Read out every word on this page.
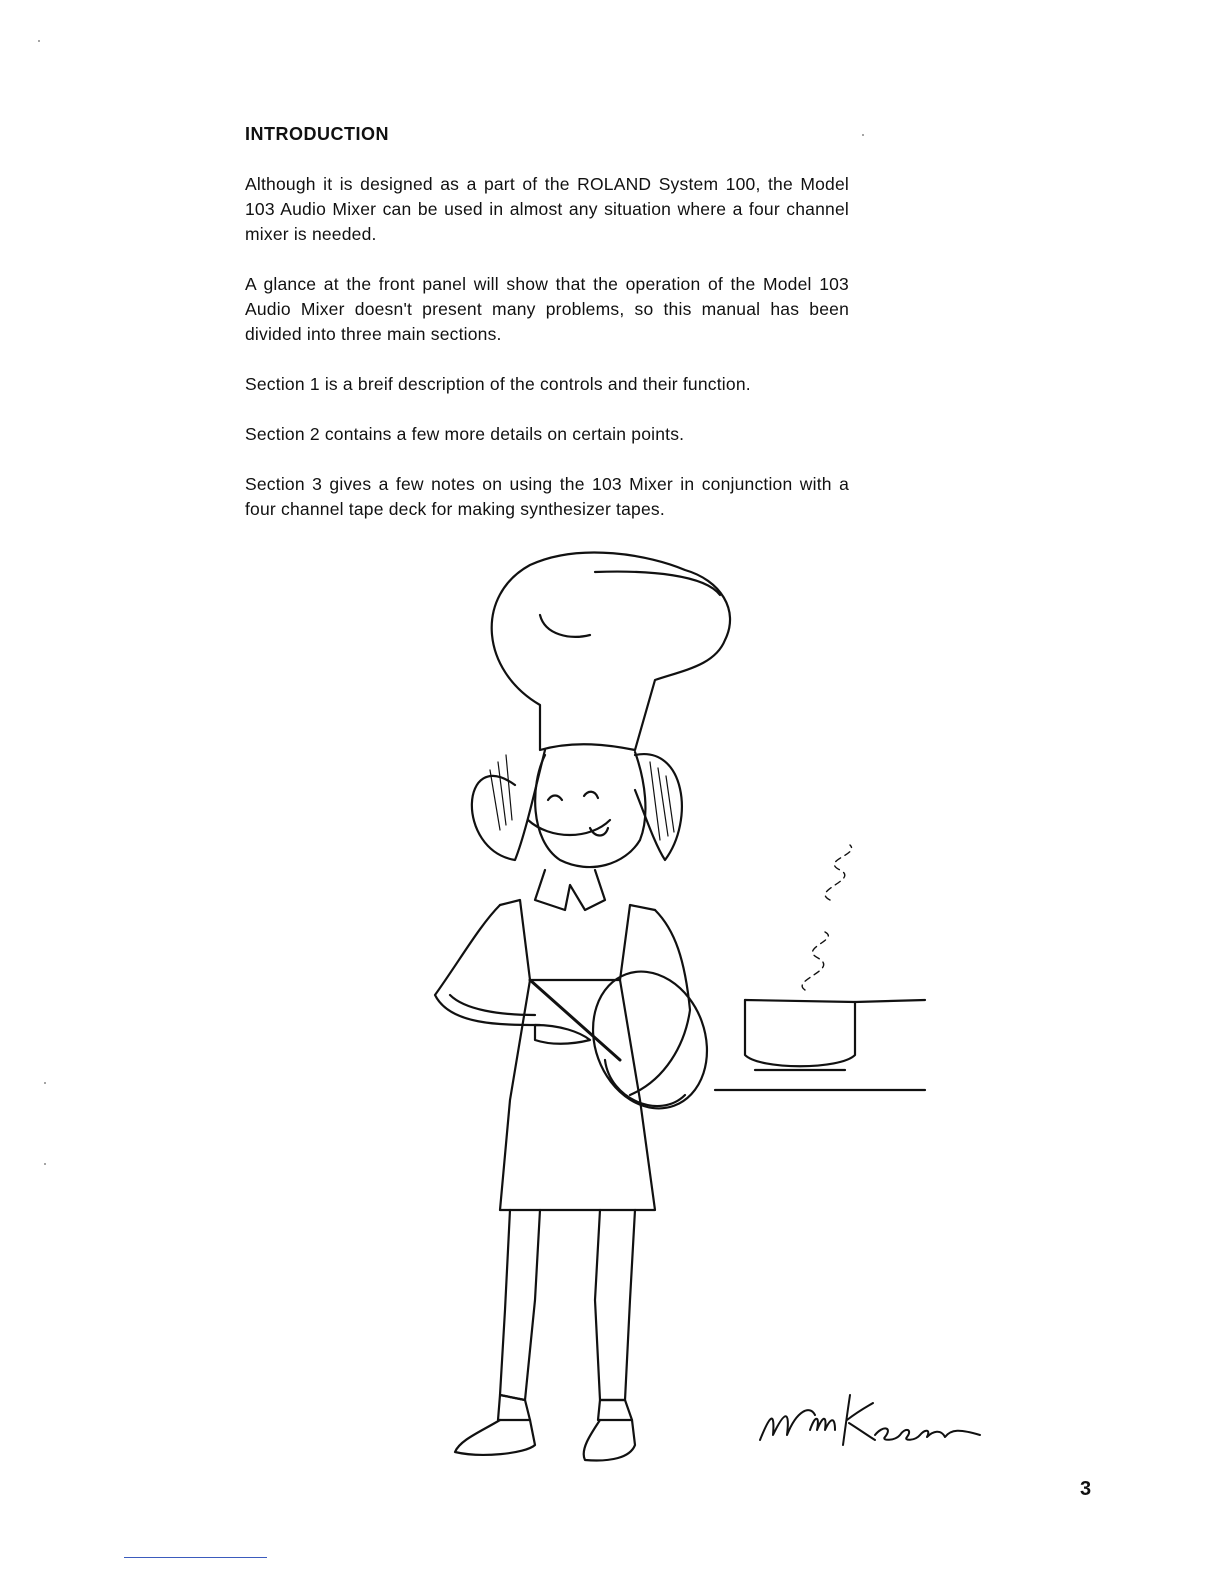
INTRODUCTION

Although it is designed as a part of the ROLAND System 100, the Model 103 Audio Mixer can be used in almost any situation where a four channel mixer is needed.

A glance at the front panel will show that the operation of the Model 103 Audio Mixer doesn't present many problems, so this manual has been divided into three main sections.

Section 1 is a breif description of the controls and their function.

Section 2 contains a few more details on certain points.

Section 3 gives a few notes on using the 103 Mixer in conjunction with a four channel tape deck for making synthesizer tapes.

3
